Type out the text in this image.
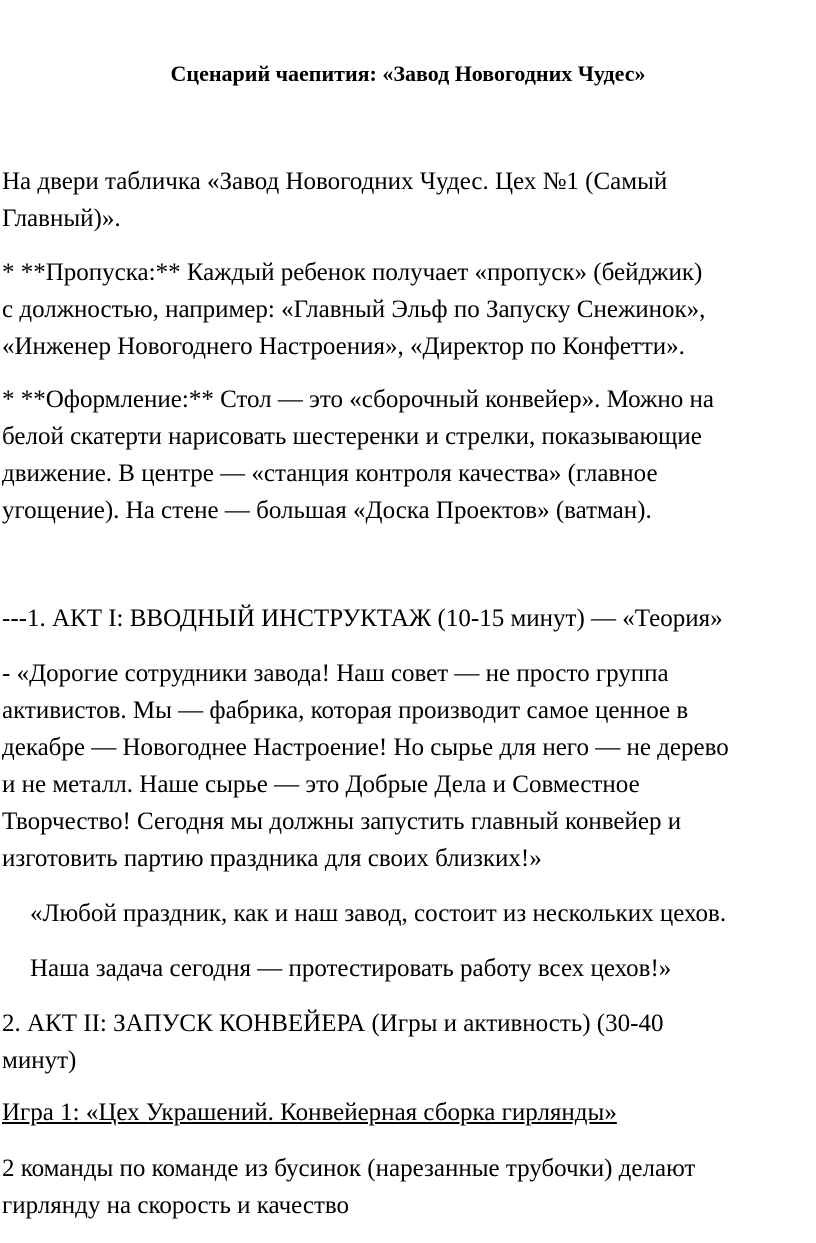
Сценарий чаепития: «Завод Новогодних Чудес»

На двери табличка «Завод Новогодних Чудес. Цех №1 (Самый
Главный)».

* **Пропуска:** Каждый ребенок получает «пропуск» (бейджик)
с должностью, например: «Главный Эльф по Запуску Снежинок»,
«Инженер Новогоднего Настроения», «Директор по Конфетти».

* **Оформление:** Стол — это «сборочный конвейер». Можно на
белой скатерти нарисовать шестеренки и стрелки, показывающие
движение. В центре — «станция контроля качества» (главное
угощение). На стене — большая «Доска Проектов» (ватман).

---1. АКТ I: ВВОДНЫЙ ИНСТРУКТАЖ (10-15 минут) — «Теория»

- «Дорогие сотрудники завода! Наш совет — не просто группа
активистов. Мы — фабрика, которая производит самое ценное в
декабре — Новогоднее Настроение! Но сырье для него — не дерево
и не металл. Наше сырье — это Добрые Дела и Совместное
Творчество! Сегодня мы должны запустить главный конвейер и
изготовить партию праздника для своих близких!»

«Любой праздник, как и наш завод, состоит из нескольких цехов.

Наша задача сегодня — протестировать работу всех цехов!»

2. АКТ II: ЗАПУСК КОНВЕЙЕРА (Игры и активность) (30-40
минут)

Игра 1: «Цех Украшений. Конвейерная сборка гирлянды»

2 команды по команде из бусинок (нарезанные трубочки) делают
гирлянду на скорость и качество
